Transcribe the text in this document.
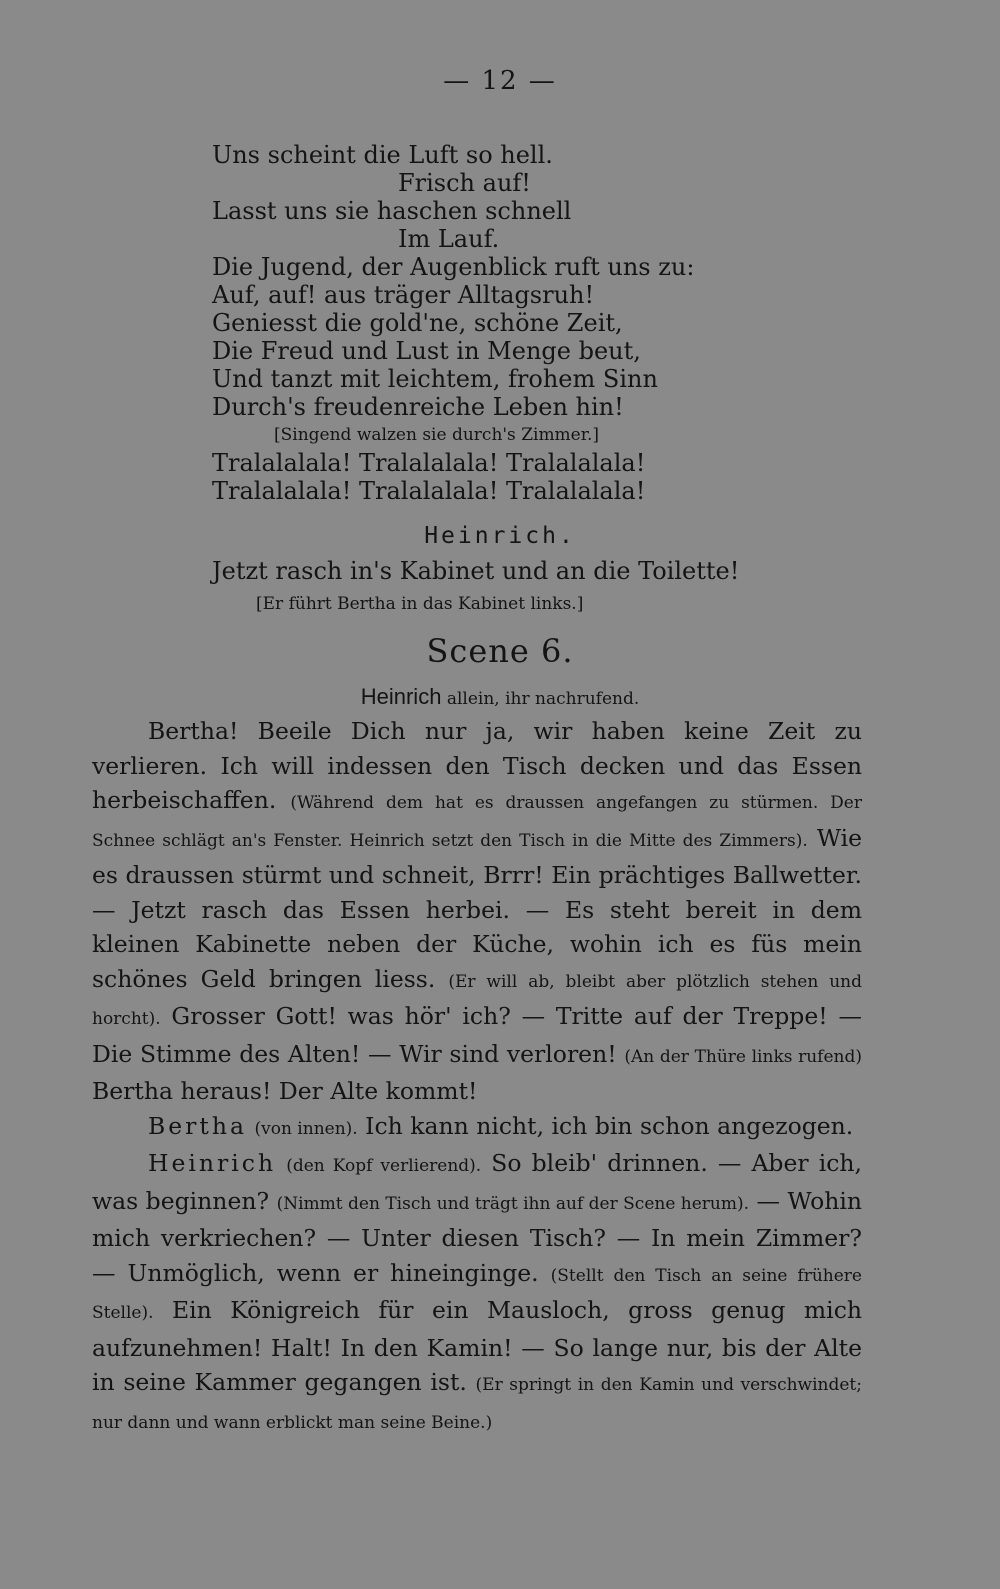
— 12 —
Uns scheint die Luft so hell.
Frisch auf!
Lasst uns sie haschen schnell
Im Lauf.
Die Jugend, der Augenblick ruft uns zu:
Auf, auf! aus träger Alltagsruh!
Geniesst die gold'ne, schöne Zeit,
Die Freud und Lust in Menge beut,
Und tanzt mit leichtem, frohem Sinn
Durch's freudenreiche Leben hin!
[Singend walzen sie durch's Zimmer.]
Tralalalala! Tralalalala! Tralalalala!
Tralalalala! Tralalalala! Tralalalala!
Heinrich.
Jetzt rasch in's Kabinet und an die Toilette!
[Er führt Bertha in das Kabinet links.]
Scene 6.
Heinrich allein, ihr nachrufend.

Bertha! Beeile Dich nur ja, wir haben keine Zeit zu verlieren. Ich will indessen den Tisch decken und das Essen herbeischaffen. (Während dem hat es draussen angefangen zu stürmen. Der Schnee schlägt an's Fenster. Heinrich setzt den Tisch in die Mitte des Zimmers). Wie es draussen stürmt und schneit, Brrr! Ein prächtiges Ballwetter. — Jetzt rasch das Essen herbei. — Es steht bereit in dem kleinen Kabinette neben der Küche, wohin ich es füs mein schönes Geld bringen liess. (Er will ab, bleibt aber plötzlich stehen und horcht). Grosser Gott! was hör' ich? — Tritte auf der Treppe! — Die Stimme des Alten! — Wir sind verloren! (An der Thüre links rufend) Bertha heraus! Der Alte kommt!

Bertha (von innen). Ich kann nicht, ich bin schon angezogen.

Heinrich (den Kopf verlierend). So bleib' drinnen. — Aber ich, was beginnen? (Nimmt den Tisch und trägt ihn auf der Scene herum). — Wohin mich verkriechen? — Unter diesen Tisch? — In mein Zimmer? — Unmöglich, wenn er hineinginge. (Stellt den Tisch an seine frühere Stelle). Ein Königreich für ein Mausloch, gross genug mich aufzunehmen! Halt! In den Kamin! — So lange nur, bis der Alte in seine Kammer gegangen ist. (Er springt in den Kamin und verschwindet; nur dann und wann erblickt man seine Beine.)
